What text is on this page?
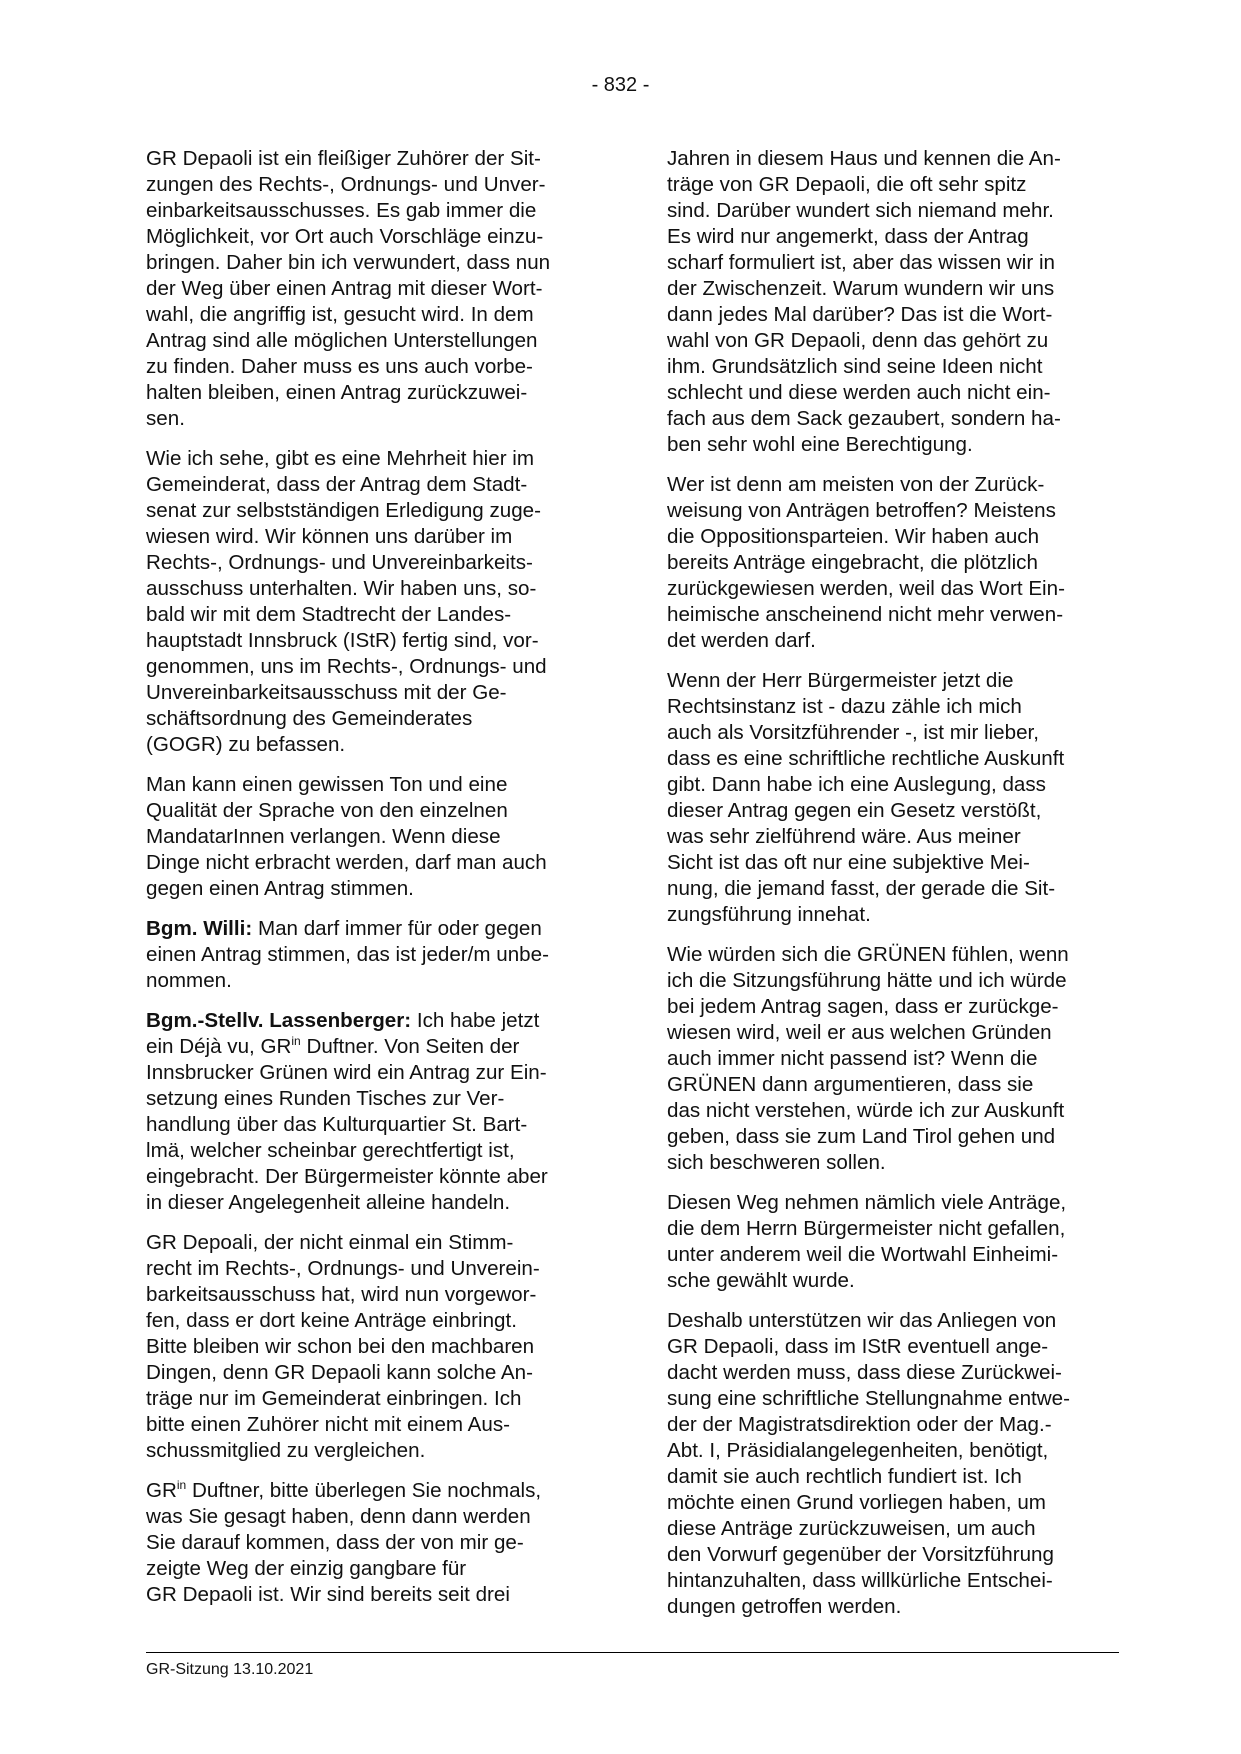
- 832 -

GR Depaoli ist ein fleißiger Zuhörer der Sit-
zungen des Rechts-, Ordnungs- und Unver-
einbarkeitsausschusses. Es gab immer die
Möglichkeit, vor Ort auch Vorschläge einzu-
bringen. Daher bin ich verwundert, dass nun
der Weg über einen Antrag mit dieser Wort-
wahl, die angriffig ist, gesucht wird. In dem
Antrag sind alle möglichen Unterstellungen
zu finden. Daher muss es uns auch vorbe-
halten bleiben, einen Antrag zurückzuwei-
sen.

Wie ich sehe, gibt es eine Mehrheit hier im
Gemeinderat, dass der Antrag dem Stadt-
senat zur selbstständigen Erledigung zuge-
wiesen wird. Wir können uns darüber im
Rechts-, Ordnungs- und Unvereinbarkeits-
ausschuss unterhalten. Wir haben uns, so-
bald wir mit dem Stadtrecht der Landes-
hauptstadt Innsbruck (IStR) fertig sind, vor-
genommen, uns im Rechts-, Ordnungs- und
Unvereinbarkeitsausschuss mit der Ge-
schäftsordnung des Gemeinderates
(GOGR) zu befassen.

Man kann einen gewissen Ton und eine
Qualität der Sprache von den einzelnen
MandatarInnen verlangen. Wenn diese
Dinge nicht erbracht werden, darf man auch
gegen einen Antrag stimmen.

Bgm. Willi: Man darf immer für oder gegen
einen Antrag stimmen, das ist jeder/m unbe-
nommen.

Bgm.-Stellv. Lassenberger: Ich habe jetzt
ein Déjà vu, $GR^{in}$ Duftner. Von Seiten der
Innsbrucker Grünen wird ein Antrag zur Ein-
setzung eines Runden Tisches zur Ver-
handlung über das Kulturquartier St. Bart-
lmä, welcher scheinbar gerechtfertigt ist,
eingebracht. Der Bürgermeister könnte aber
in dieser Angelegenheit alleine handeln.

GR Depoali, der nicht einmal ein Stimm-
recht im Rechts-, Ordnungs- und Unverein-
barkeitsausschuss hat, wird nun vorgewor-
fen, dass er dort keine Anträge einbringt.
Bitte bleiben wir schon bei den machbaren
Dingen, denn GR Depaoli kann solche An-
träge nur im Gemeinderat einbringen. Ich
bitte einen Zuhörer nicht mit einem Aus-
schussmitglied zu vergleichen.

$GR^{in}$ Duftner, bitte überlegen Sie nochmals,
was Sie gesagt haben, denn dann werden
Sie darauf kommen, dass der von mir ge-
zeigte Weg der einzig gangbare für
GR Depaoli ist. Wir sind bereits seit drei

Jahren in diesem Haus und kennen die An-
träge von GR Depaoli, die oft sehr spitz
sind. Darüber wundert sich niemand mehr.
Es wird nur angemerkt, dass der Antrag
scharf formuliert ist, aber das wissen wir in
der Zwischenzeit. Warum wundern wir uns
dann jedes Mal darüber? Das ist die Wort-
wahl von GR Depaoli, denn das gehört zu
ihm. Grundsätzlich sind seine Ideen nicht
schlecht und diese werden auch nicht ein-
fach aus dem Sack gezaubert, sondern ha-
ben sehr wohl eine Berechtigung.

Wer ist denn am meisten von der Zurück-
weisung von Anträgen betroffen? Meistens
die Oppositionsparteien. Wir haben auch
bereits Anträge eingebracht, die plötzlich
zurückgewiesen werden, weil das Wort Ein-
heimische anscheinend nicht mehr verwen-
det werden darf.

Wenn der Herr Bürgermeister jetzt die
Rechtsinstanz ist - dazu zähle ich mich
auch als Vorsitzführender -, ist mir lieber,
dass es eine schriftliche rechtliche Auskunft
gibt. Dann habe ich eine Auslegung, dass
dieser Antrag gegen ein Gesetz verstößt,
was sehr zielführend wäre. Aus meiner
Sicht ist das oft nur eine subjektive Mei-
nung, die jemand fasst, der gerade die Sit-
zungsführung innehat.

Wie würden sich die GRÜNEN fühlen, wenn
ich die Sitzungsführung hätte und ich würde
bei jedem Antrag sagen, dass er zurückge-
wiesen wird, weil er aus welchen Gründen
auch immer nicht passend ist? Wenn die
GRÜNEN dann argumentieren, dass sie
das nicht verstehen, würde ich zur Auskunft
geben, dass sie zum Land Tirol gehen und
sich beschweren sollen.

Diesen Weg nehmen nämlich viele Anträge,
die dem Herrn Bürgermeister nicht gefallen,
unter anderem weil die Wortwahl Einheimi-
sche gewählt wurde.

Deshalb unterstützen wir das Anliegen von
GR Depaoli, dass im IStR eventuell ange-
dacht werden muss, dass diese Zurückwei-
sung eine schriftliche Stellungnahme entwe-
der der Magistratsdirektion oder der Mag.-
Abt. I, Präsidialangelegenheiten, benötigt,
damit sie auch rechtlich fundiert ist. Ich
möchte einen Grund vorliegen haben, um
diese Anträge zurückzuweisen, um auch
den Vorwurf gegenüber der Vorsitzführung
hintanzuhalten, dass willkürliche Entschei-
dungen getroffen werden.

GR-Sitzung 13.10.2021
